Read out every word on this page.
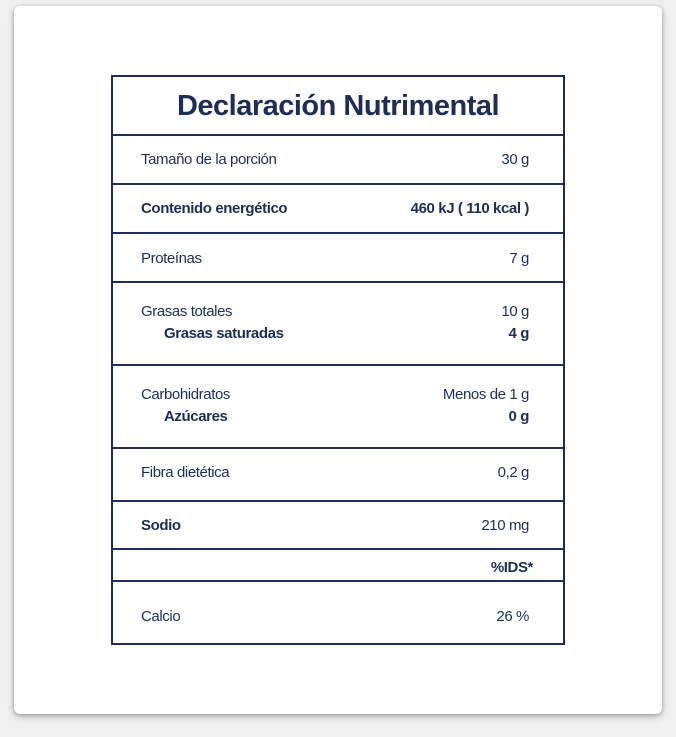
Declaración Nutrimental
Tamaño de la porción	30 g
Contenido energético	460 kJ ( 110 kcal )
Proteínas	7 g
Grasas totales	10 g
Grasas saturadas	4 g
Carbohidratos	Menos de 1 g
Azúcares	0 g
Fibra dietética	0,2 g
Sodio	210 mg
%IDS*
Calcio	26 %
